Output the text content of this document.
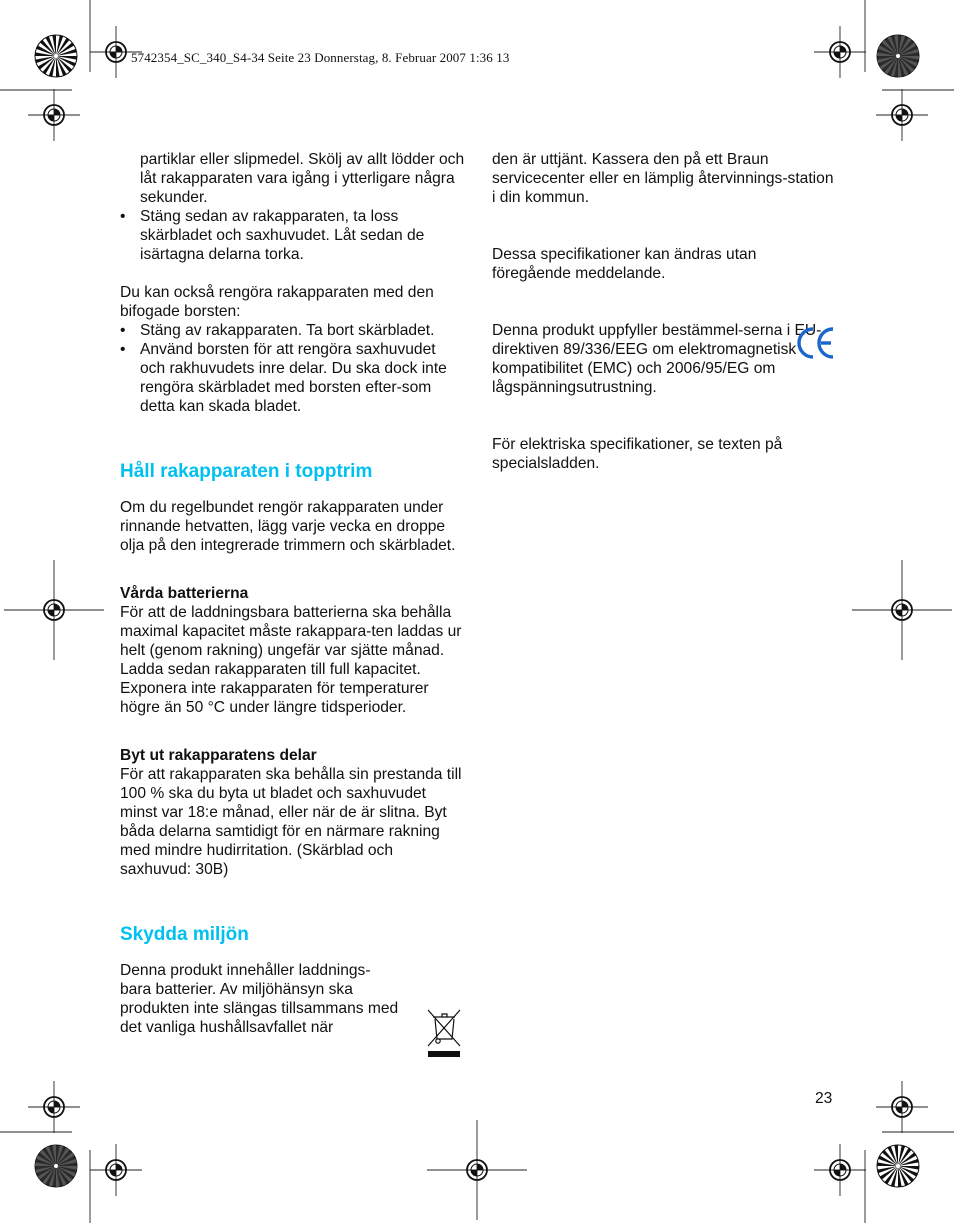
5742354_SC_340_S4-34 Seite 23 Donnerstag, 8. Februar 2007 1:36 13

partiklar eller slipmedel. Skölj av allt lödder och låt rakapparaten vara igång i ytterligare några sekunder.

• Stäng sedan av rakapparaten, ta loss skärbladet och saxhuvudet. Låt sedan de isärtagna delarna torka.

Du kan också rengöra rakapparaten med den bifogade borsten:

• Stäng av rakapparaten. Ta bort skärbladet.
• Använd borsten för att rengöra saxhuvudet och rakhuvudets inre delar. Du ska dock inte rengöra skärbladet med borsten efter-som detta kan skada bladet.
Håll rakapparaten i topptrim

Om du regelbundet rengör rakapparaten under rinnande hetvatten, lägg varje vecka en droppe olja på den integrerade trimmern och skärbladet.

Vårda batterierna

För att de laddningsbara batterierna ska behålla maximal kapacitet måste rakappara-ten laddas ur helt (genom rakning) ungefär var sjätte månad. Ladda sedan rakapparaten till full kapacitet. Exponera inte rakapparaten för temperaturer högre än 50 °C under längre tidsperioder.

Byt ut rakapparatens delar

För att rakapparaten ska behålla sin prestanda till 100 % ska du byta ut bladet och saxhuvudet minst var 18:e månad, eller när de är slitna. Byt båda delarna samtidigt för en närmare rakning med mindre hudirritation. (Skärblad och saxhuvud: 30B)

Skydda miljön

Denna produkt innehåller laddnings-bara batterier. Av miljöhänsyn ska produkten inte slängas tillsammans med det vanliga hushållsavfallet när

den är uttjänt. Kassera den på ett Braun servicecenter eller en lämplig återvinnings-station i din kommun.

Dessa specifikationer kan ändras utan föregående meddelande.

Denna produkt uppfyller bestämmel-serna i EU-direktiven 89/336/EEG om elektromagnetisk kompatibilitet (EMC) och 2006/95/EG om lågspänningsutrustning.

För elektriska specifikationer, se texten på specialsladden.

23
